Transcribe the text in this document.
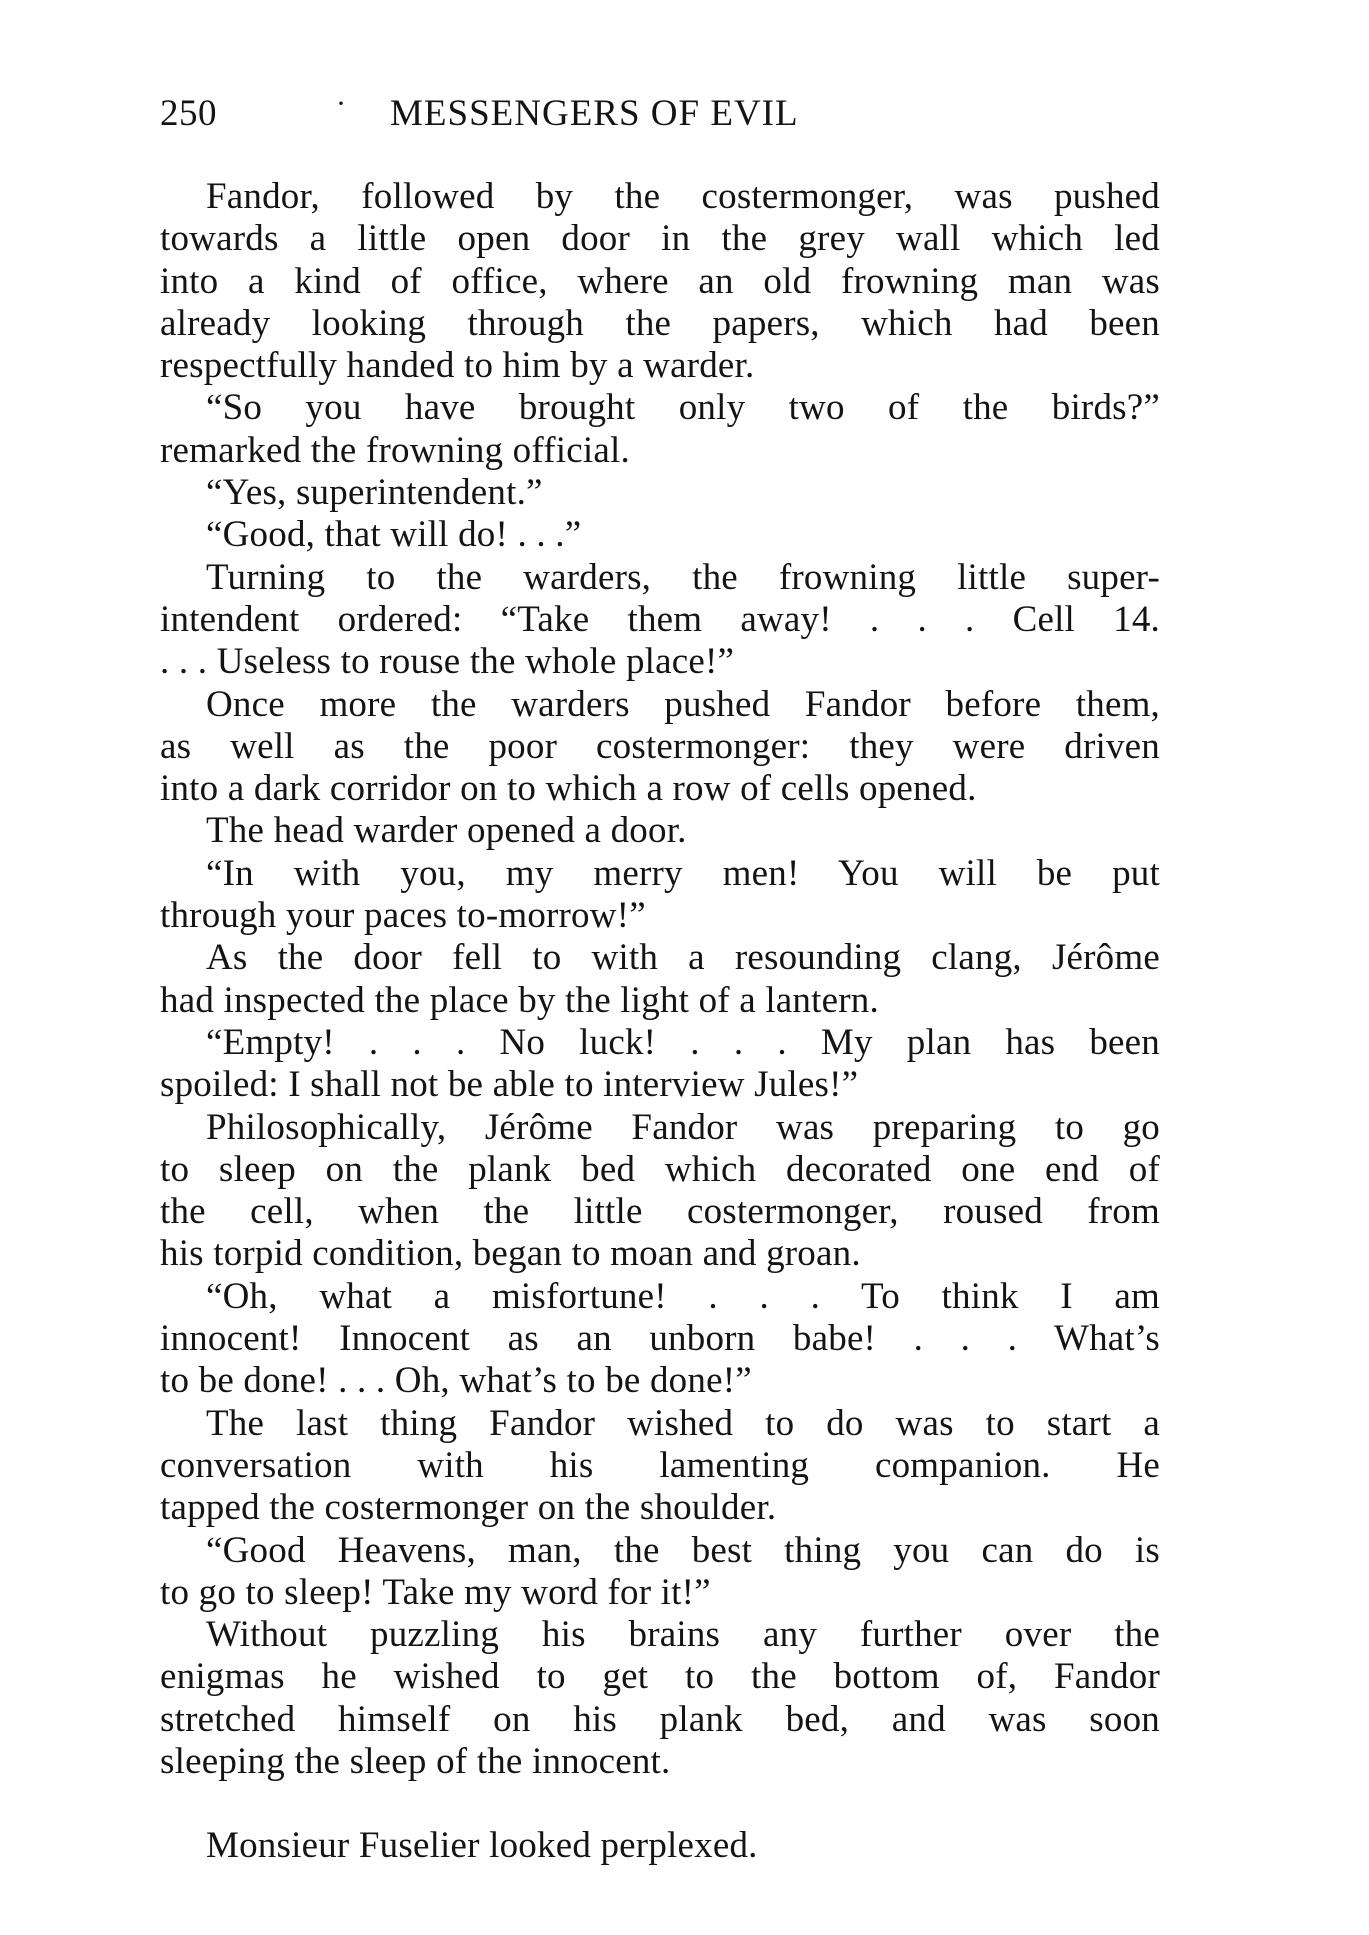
250	· MESSENGERS OF EVIL
Fandor, followed by the costermonger, was pushed
towards a little open door in the grey wall which led
into a kind of office, where an old frowning man was
already looking through the papers, which had been
respectfully handed to him by a warder.
“So you have brought only two of the birds?”
remarked the frowning official.
“Yes, superintendent.”
“Good, that will do! . . .”
Turning to the warders, the frowning little super-
intendent ordered: “Take them away! . . . Cell 14.
. . . Useless to rouse the whole place!”
Once more the warders pushed Fandor before them,
as well as the poor costermonger: they were driven
into a dark corridor on to which a row of cells opened.
The head warder opened a door.
“In with you, my merry men! You will be put
through your paces to-morrow!”
As the door fell to with a resounding clang, Jérôme
had inspected the place by the light of a lantern.
“Empty! . . . No luck! . . . My plan has been
spoiled: I shall not be able to interview Jules!”
Philosophically, Jérôme Fandor was preparing to go
to sleep on the plank bed which decorated one end of
the cell, when the little costermonger, roused from
his torpid condition, began to moan and groan.
“Oh, what a misfortune! . . . To think I am
innocent! Innocent as an unborn babe! . . . What’s
to be done! . . . Oh, what’s to be done!”
The last thing Fandor wished to do was to start a
conversation with his lamenting companion. He
tapped the costermonger on the shoulder.
“Good Heavens, man, the best thing you can do is
to go to sleep! Take my word for it!”
Without puzzling his brains any further over the
enigmas he wished to get to the bottom of, Fandor
stretched himself on his plank bed, and was soon
sleeping the sleep of the innocent.
Monsieur Fuselier looked perplexed.
